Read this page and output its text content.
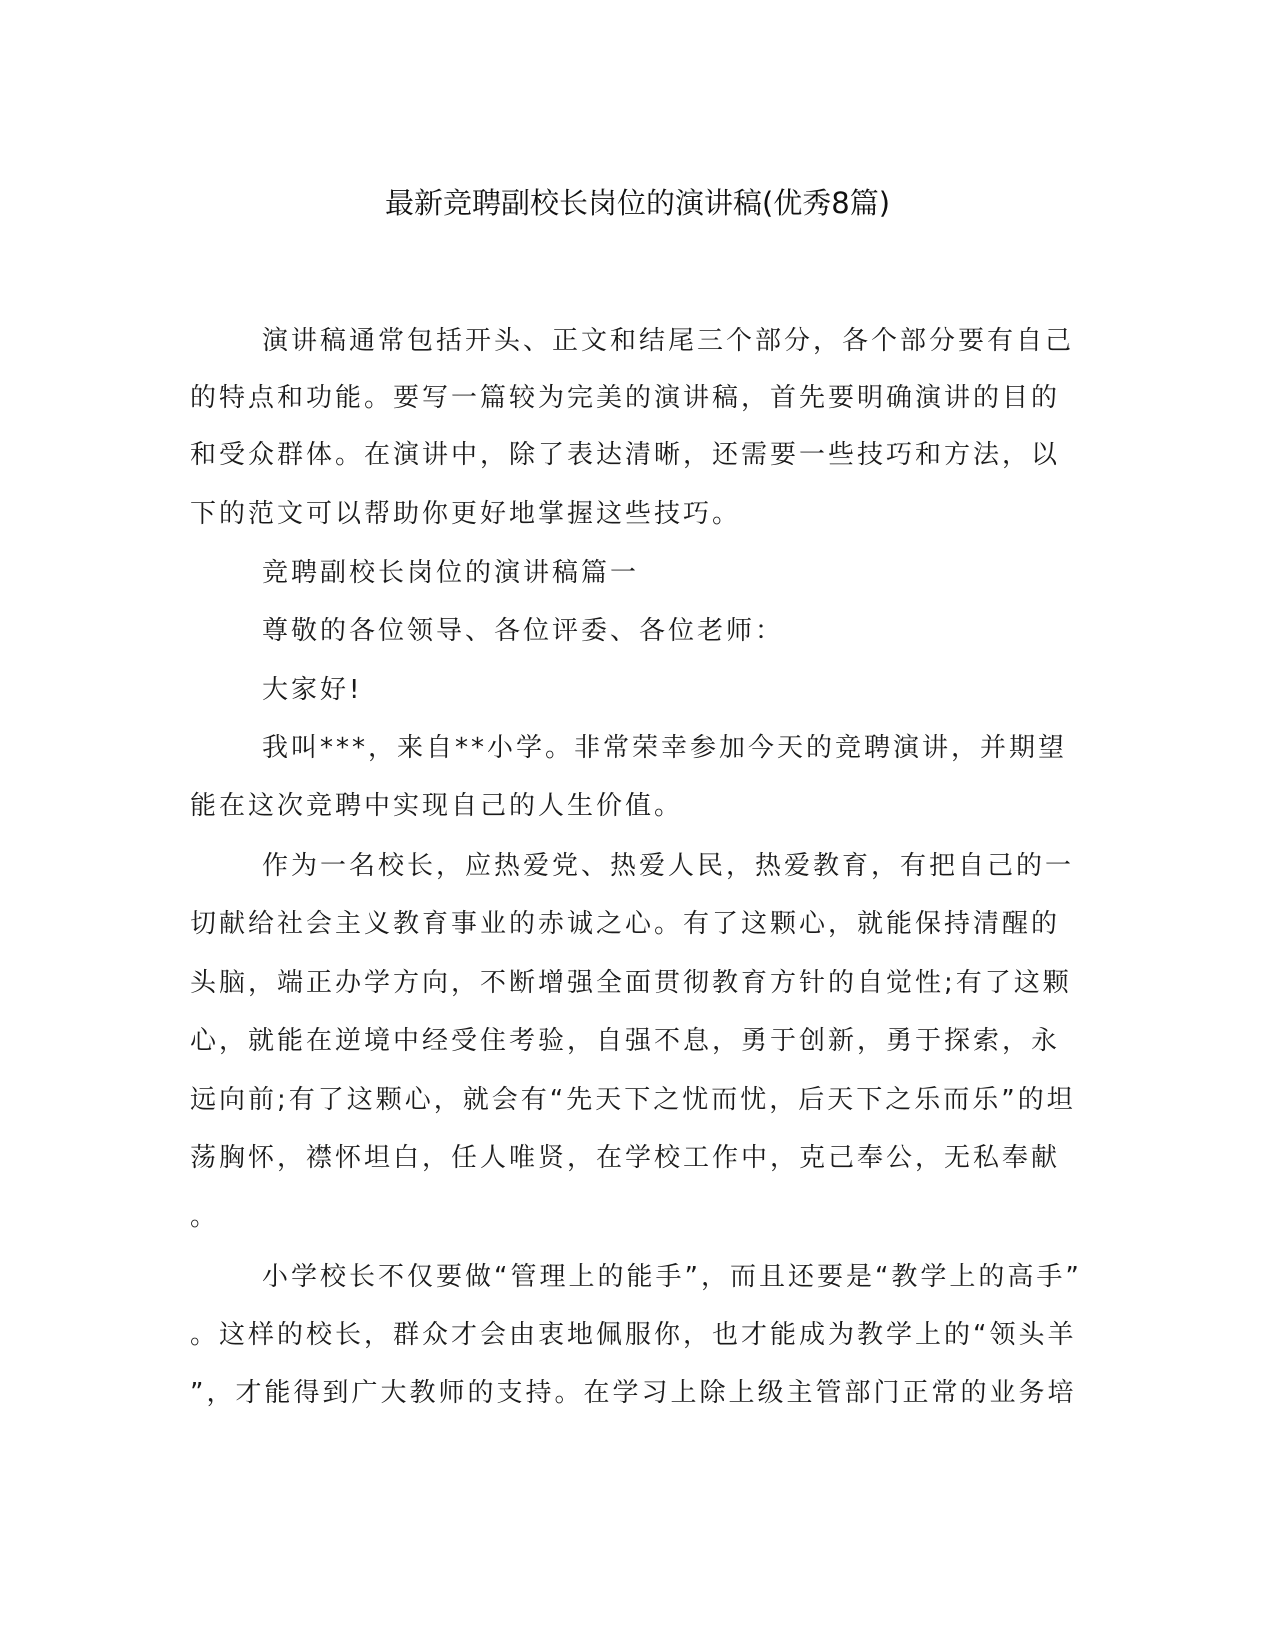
最新竞聘副校长岗位的演讲稿(优秀8篇)
演讲稿通常包括开头、正文和结尾三个部分，各个部分要有自己
的特点和功能。要写一篇较为完美的演讲稿，首先要明确演讲的目的
和受众群体。在演讲中，除了表达清晰，还需要一些技巧和方法，以
下的范文可以帮助你更好地掌握这些技巧。
竞聘副校长岗位的演讲稿篇一
尊敬的各位领导、各位评委、各位老师：
大家好!
我叫***，来自**小学。非常荣幸参加今天的竞聘演讲，并期望
能在这次竞聘中实现自己的人生价值。
作为一名校长，应热爱党、热爱人民，热爱教育，有把自己的一
切献给社会主义教育事业的赤诚之心。有了这颗心，就能保持清醒的
头脑，端正办学方向，不断增强全面贯彻教育方针的自觉性;有了这颗
心，就能在逆境中经受住考验，自强不息，勇于创新，勇于探索，永
远向前;有了这颗心，就会有“先天下之忧而忧，后天下之乐而乐”的坦
荡胸怀，襟怀坦白，任人唯贤，在学校工作中，克己奉公，无私奉献
。
小学校长不仅要做“管理上的能手”，而且还要是“教学上的高手”
。这样的校长，群众才会由衷地佩服你，也才能成为教学上的“领头羊
”，才能得到广大教师的支持。在学习上除上级主管部门正常的业务培
